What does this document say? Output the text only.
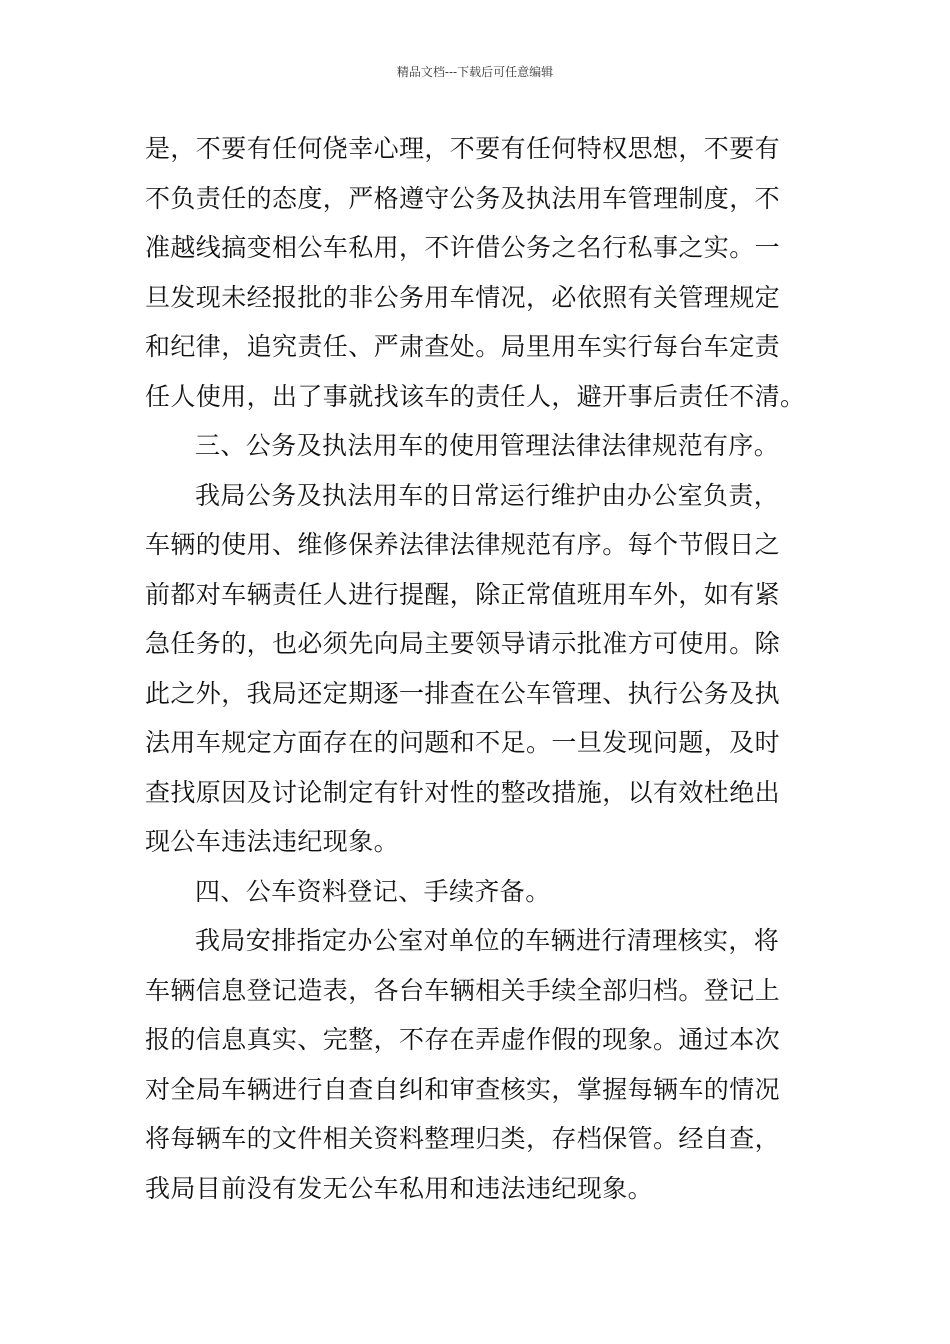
精品文档---下载后可任意编辑
是，不要有任何侥幸心理，不要有任何特权思想，不要有
不负责任的态度，严格遵守公务及执法用车管理制度，不
准越线搞变相公车私用，不许借公务之名行私事之实。一
旦发现未经报批的非公务用车情况，必依照有关管理规定
和纪律，追究责任、严肃查处。局里用车实行每台车定责
任人使用，出了事就找该车的责任人，避开事后责任不清。
三、公务及执法用车的使用管理法律法律规范有序。
我局公务及执法用车的日常运行维护由办公室负责，
车辆的使用、维修保养法律法律规范有序。每个节假日之
前都对车辆责任人进行提醒，除正常值班用车外，如有紧
急任务的，也必须先向局主要领导请示批准方可使用。除
此之外，我局还定期逐一排查在公车管理、执行公务及执
法用车规定方面存在的问题和不足。一旦发现问题，及时
查找原因及讨论制定有针对性的整改措施，以有效杜绝出
现公车违法违纪现象。
四、公车资料登记、手续齐备。
我局安排指定办公室对单位的车辆进行清理核实，将
车辆信息登记造表，各台车辆相关手续全部归档。登记上
报的信息真实、完整，不存在弄虚作假的现象。通过本次
对全局车辆进行自查自纠和审查核实，掌握每辆车的情况
将每辆车的文件相关资料整理归类，存档保管。经自查，
我局目前没有发无公车私用和违法违纪现象。
